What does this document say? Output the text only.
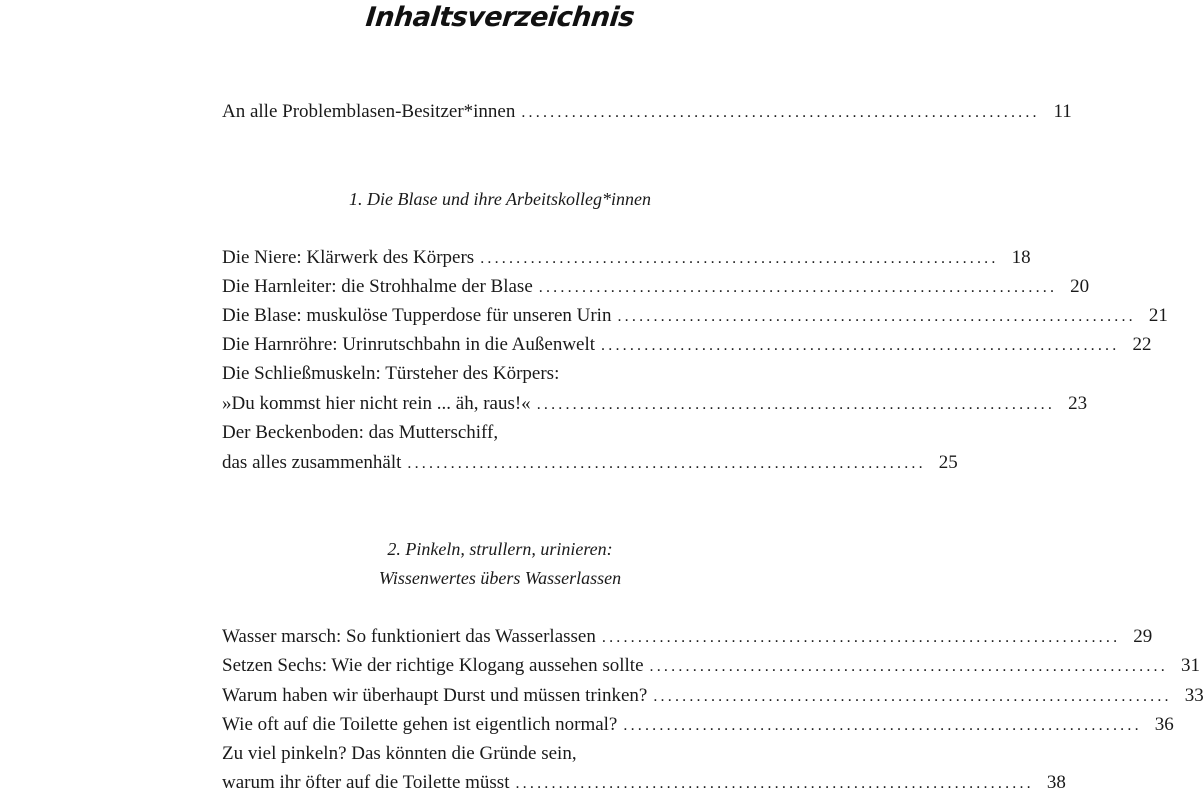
Inhaltsverzeichnis
An alle Problemblasen-Besitzer*innen ........................................................................ 11
1. Die Blase und ihre Arbeitskolleg*innen
Die Niere: Klärwerk des Körpers ........................................................................ 18
Die Harnleiter: die Strohhalme der Blase ........................................................................ 20
Die Blase: muskulöse Tupperdose für unseren Urin ........................................................................ 21
Die Harnröhre: Urinrutschbahn in die Außenwelt ........................................................................ 22
Die Schließmuskeln: Türsteher des Körpers:
»Du kommst hier nicht rein ... äh, raus!« ........................................................................ 23
Der Beckenboden: das Mutterschiff,
das alles zusammenhält ........................................................................ 25
2. Pinkeln, strullern, urinieren:
Wissenwertes übers Wasserlassen
Wasser marsch: So funktioniert das Wasserlassen ........................................................................ 29
Setzen Sechs: Wie der richtige Klogang aussehen sollte ........................................................................ 31
Warum haben wir überhaupt Durst und müssen trinken? ........................................................................ 33
Wie oft auf die Toilette gehen ist eigentlich normal? ........................................................................ 36
Zu viel pinkeln? Das könnten die Gründe sein,
warum ihr öfter auf die Toilette müsst ........................................................................ 38
